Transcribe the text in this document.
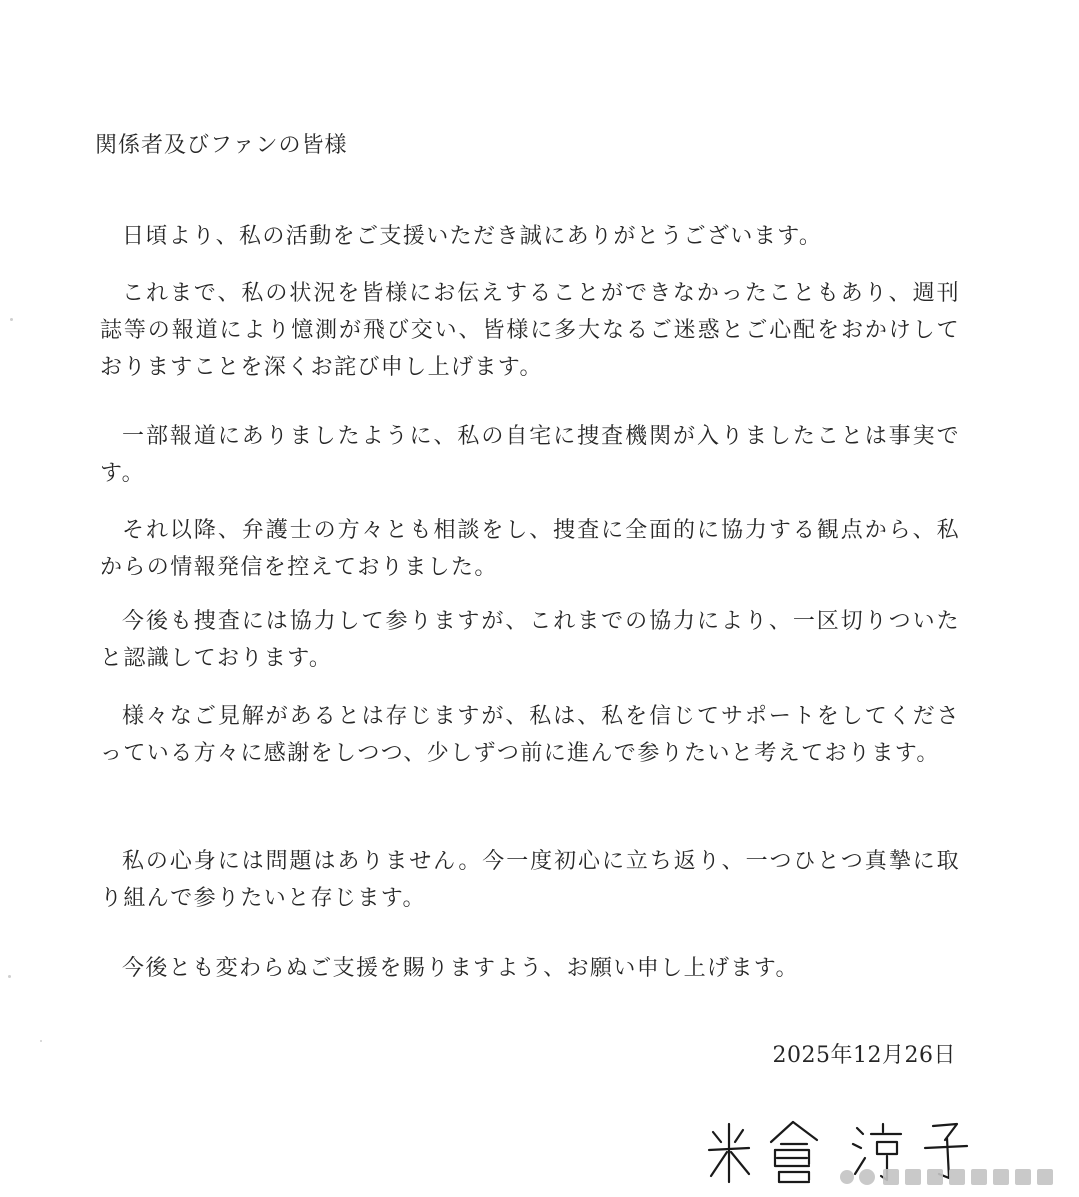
関係者及びファンの皆様
日頃より、私の活動をご支援いただき誠にありがとうございます。
これまで、私の状況を皆様にお伝えすることができなかったこともあり、週刊誌等の報道により憶測が飛び交い、皆様に多大なるご迷惑とご心配をおかけしておりますことを深くお詫び申し上げます。
一部報道にありましたように、私の自宅に捜査機関が入りましたことは事実です。
それ以降、弁護士の方々とも相談をし、捜査に全面的に協力する観点から、私からの情報発信を控えておりました。
今後も捜査には協力して参りますが、これまでの協力により、一区切りついたと認識しております。
様々なご見解があるとは存じますが、私は、私を信じてサポートをしてくださっている方々に感謝をしつつ、少しずつ前に進んで参りたいと考えております。
私の心身には問題はありません。今一度初心に立ち返り、一つひとつ真摯に取り組んで参りたいと存じます。
今後とも変わらぬご支援を賜りますよう、お願い申し上げます。
2025年12月26日
